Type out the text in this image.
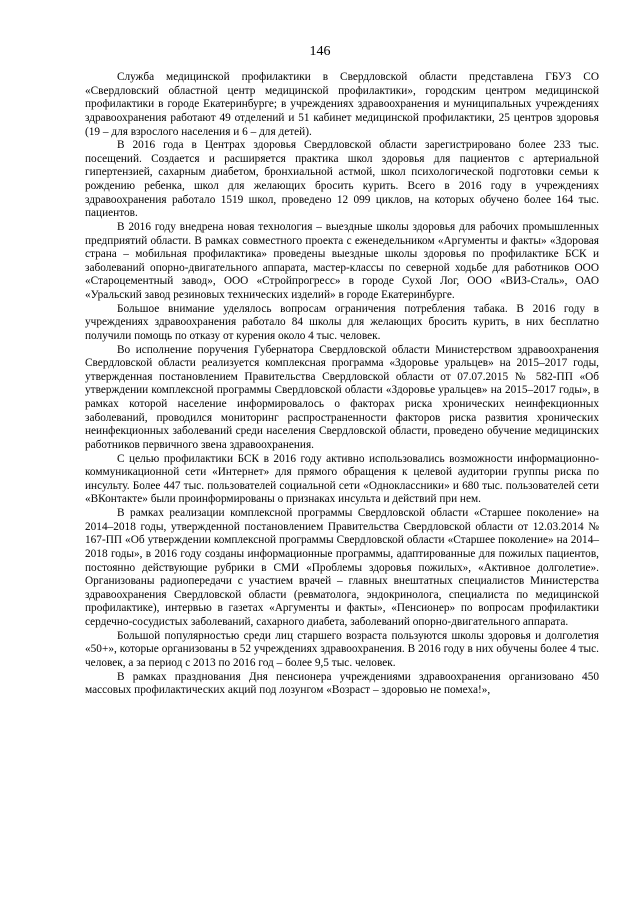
146

Служба медицинской профилактики в Свердловской области представлена ГБУЗ СО «Свердловский областной центр медицинской профилактики», городским центром медицинской профилактики в городе Екатеринбурге; в учреждениях здравоохранения и муниципальных учреждениях здравоохранения работают 49 отделений и 51 кабинет медицинской профилактики, 25 центров здоровья (19 – для взрослого населения и 6 – для детей).

В 2016 года в Центрах здоровья Свердловской области зарегистрировано более 233 тыс. посещений. Создается и расширяется практика школ здоровья для пациентов с артериальной гипертензией, сахарным диабетом, бронхиальной астмой, школ психологической подготовки семьи к рождению ребенка, школ для желающих бросить курить. Всего в 2016 году в учреждениях здравоохранения работало 1519 школ, проведено 12 099 циклов, на которых обучено более 164 тыс. пациентов.

В 2016 году внедрена новая технология – выездные школы здоровья для рабочих промышленных предприятий области. В рамках совместного проекта с еженедельником «Аргументы и факты» «Здоровая страна – мобильная профилактика» проведены выездные школы здоровья по профилактике БСК и заболеваний опорно-двигательного аппарата, мастер-классы по северной ходьбе для работников ООО «Староцементный завод», ООО «Стройпрогресс» в городе Сухой Лог, ООО «ВИЗ-Сталь», ОАО «Уральский завод резиновых технических изделий» в городе Екатеринбурге.

Большое внимание уделялось вопросам ограничения потребления табака. В 2016 году в учреждениях здравоохранения работало 84 школы для желающих бросить курить, в них бесплатно получили помощь по отказу от курения около 4 тыс. человек.

Во исполнение поручения Губернатора Свердловской области Министерством здравоохранения Свердловской области реализуется комплексная программа «Здоровье уральцев» на 2015–2017 годы, утвержденная постановлением Правительства Свердловской области от 07.07.2015 № 582-ПП «Об утверждении комплексной программы Свердловской области «Здоровье уральцев» на 2015–2017 годы», в рамках которой население информировалось о факторах риска хронических неинфекционных заболеваний, проводился мониторинг распространенности факторов риска развития хронических неинфекционных заболеваний среди населения Свердловской области, проведено обучение медицинских работников первичного звена здравоохранения.

С целью профилактики БСК в 2016 году активно использовались возможности информационно-коммуникационной сети «Интернет» для прямого обращения к целевой аудитории группы риска по инсульту. Более 447 тыс. пользователей социальной сети «Одноклассники» и 680 тыс. пользователей сети «ВКонтакте» были проинформированы о признаках инсульта и действий при нем.

В рамках реализации комплексной программы Свердловской области «Старшее поколение» на 2014–2018 годы, утвержденной постановлением Правительства Свердловской области от 12.03.2014 № 167-ПП «Об утверждении комплексной программы Свердловской области «Старшее поколение» на 2014–2018 годы», в 2016 году созданы информационные программы, адаптированные для пожилых пациентов, постоянно действующие рубрики в СМИ «Проблемы здоровья пожилых», «Активное долголетие». Организованы радиопередачи с участием врачей – главных внештатных специалистов Министерства здравоохранения Свердловской области (ревматолога, эндокринолога, специалиста по медицинской профилактике), интервью в газетах «Аргументы и факты», «Пенсионер» по вопросам профилактики сердечно-сосудистых заболеваний, сахарного диабета, заболеваний опорно-двигательного аппарата.

Большой популярностью среди лиц старшего возраста пользуются школы здоровья и долголетия «50+», которые организованы в 52 учреждениях здравоохранения. В 2016 году в них обучены более 4 тыс. человек, а за период с 2013 по 2016 год – более 9,5 тыс. человек.

В рамках празднования Дня пенсионера учреждениями здравоохранения организовано 450 массовых профилактических акций под лозунгом «Возраст – здоровью не помеха!»,
